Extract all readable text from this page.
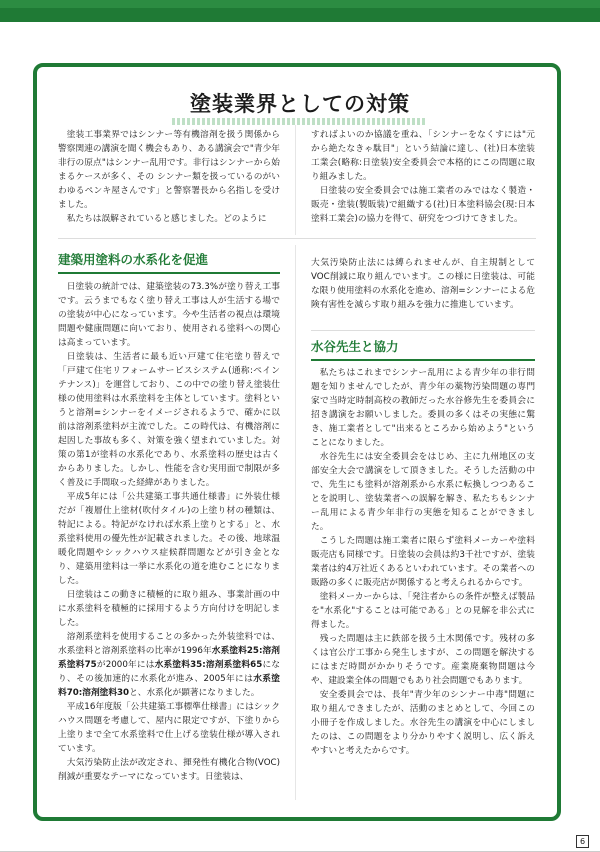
塗装業界としての対策

塗装工事業界ではシンナー等有機溶剤を扱う関係から警察関連の講演を聞く機会もあり、ある講演会で"青少年非行の原点"はシンナー乱用です。非行はシンナーから始まるケースが多く、その シンナー類を扱っているのがいわゆるペンキ屋さんです」と警察署長から名指しを受けました。

私たちは誤解されていると感じました。どのように

すればよいのか協議を重ね、「シンナーをなくすには"元から絶たなきゃ駄目"」という結論に達し、(社)日本塗装工業会(略称:日塗装)安全委員会で本格的にこの問題に取り組みました。

日塗装の安全委員会では施工業者のみではなく製造・販売・塗装(製販装)で組織する(社)日本塗料協会(現:日本塗料工業会)の協力を得て、研究をつづけてきました。

建築用塗料の水系化を促進

日塗装の統計では、建築塗装の73.3%が塗り替え工事です。云うまでもなく塗り替え工事は人が生活する場での塗装が中心になっています。今や生活者の視点は環境問題や健康問題に向いており、使用される塗料への関心は高まっています。

日塗装は、生活者に最も近い戸建て住宅塗り替えで「戸建て住宅リフォームサービスシステム(通称:ペインテナンス)」を運営しており、この中での塗り替え塗装仕様の使用塗料は水系塗料を主体としています。塗料というと溶剤=シンナーをイメージされるようで、確かに以前は溶剤系塗料が主流でした。この時代は、有機溶剤に起因した事故も多く、対策を強く望まれていました。対策の第1が塗料の水系化であり、水系塗料の歴史は古くからありました。しかし、性能を含む実用面で制限が多く普及に手間取った経緯がありました。

平成5年には「公共建築工事共通仕様書」に外装仕様だが「複層仕上塗材(吹付タイル)の上塗り材の種類は、特記による。特記がなければ水系上塗りとする」と、水系塗料使用の優先性が記載されました。その後、地球温暖化問題やシックハウス症候群問題などが引き金となり、建築用塗料は一挙に水系化の道を進むことになりました。

日塗装はこの動きに積極的に取り組み、事業計画の中に水系塗料を積極的に採用するよう方向付けを明記しました。

溶剤系塗料を使用することの多かった外装塗料では、水系塗料と溶剤系塗料の比率が1996年水系塗料25:溶剤系塗料75が2000年には水系塗料35:溶剤系塗料65になり、その後加速的に水系化が進み、2005年には水系塗料70:溶剤塗料30と、水系化が顕著になりました。

平成16年度版「公共建築工事標準仕様書」にはシックハウス問題を考慮して、屋内に限定ですが、下塗りから上塗りまで全て水系塗料で仕上げる塗装仕様が導入されています。

大気汚染防止法が改定され、揮発性有機化合物(VOC)削減が重要なテーマになっています。日塗装は、

大気汚染防止法には縛られませんが、自主規制としてVOC削減に取り組んでいます。この様に日塗装は、可能な限り使用塗料の水系化を進め、溶剤=シンナーによる危険有害性を減らす取り組みを強力に推進しています。

水谷先生と協力

私たちはこれまでシンナー乱用による青少年の非行問題を知りませんでしたが、青少年の薬物汚染問題の専門家で当時定時制高校の教師だった水谷修先生を委員会に招き講演をお願いしました。委員の多くはその実態に驚き、施工業者として"出来るところから始めよう"ということになりました。

水谷先生には安全委員会をはじめ、主に九州地区の支部安全大会で講演をして頂きました。そうした活動の中で、先生にも塗料が溶剤系から水系に転換しつつあることを説明し、塗装業者への誤解を解き、私たちもシンナー乱用による青少年非行の実態を知ることができました。

こうした問題は施工業者に限らず塗料メーカーや塗料販売店も同様です。日塗装の会員は約3千社ですが、塗装業者は約4万社近くあるといわれています。その業者への販路の多くに販売店が関係すると考えられるからです。

塗料メーカーからは、「発注者からの条件が整えば製品を"水系化"することは可能である」との見解を非公式に得ました。

残った問題は主に鉄部を扱う土木関係です。残材の多くは官公庁工事から発生しますが、この問題を解決するにはまだ時間がかかりそうです。産業廃棄物問題は今や、建設業全体の問題でもあり社会問題でもあります。

安全委員会では、長年"青少年のシンナー中毒"問題に取り組んできましたが、活動のまとめとして、今回この小冊子を作成しました。水谷先生の講演を中心にしましたのは、この問題をより分かりやすく説明し、広く訴えやすいと考えたからです。

6
